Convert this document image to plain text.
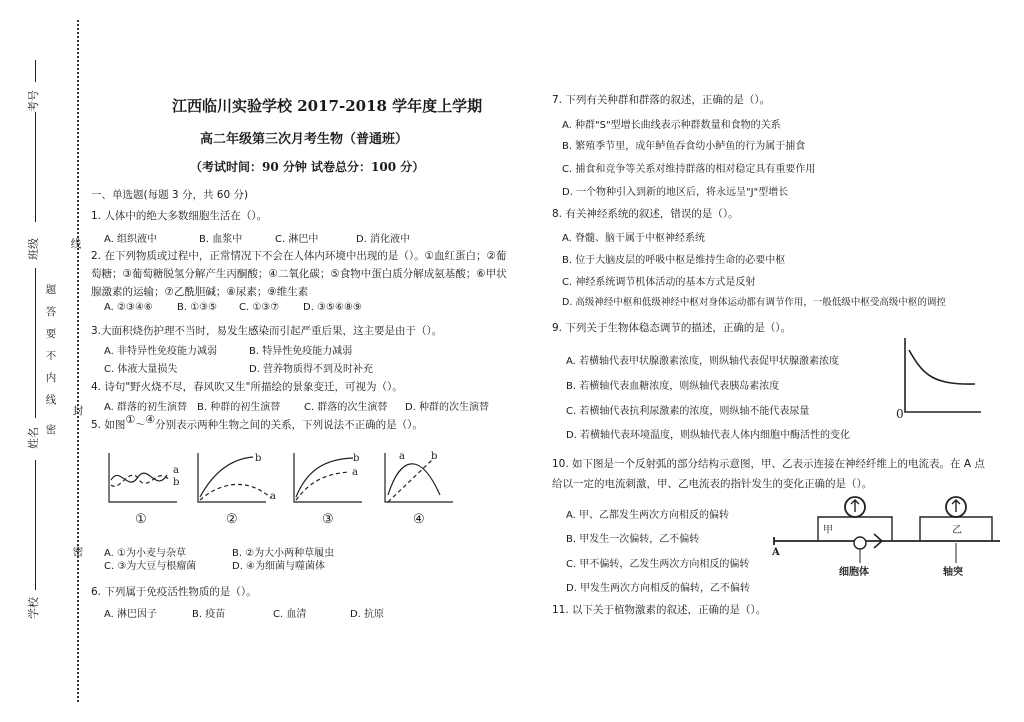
考号
班级
姓名
学校
线
题
答
要
不
内
线
封
密
密
江西临川实验学校 2017-2018 学年度上学期
高二年级第三次月考生物（普通班）
（考试时间：90 分钟 试卷总分：100 分）
一、单选题(每题 3 分，共 60 分)
1. 人体中的绝大多数细胞生活在（）。
A. 组织液中	B. 血浆中	C. 淋巴中	D. 消化液中
2. 在下列物质或过程中，正常情况下不会在人体内环境中出现的是（）。①血红蛋白；②葡
萄糖；③葡萄糖脱氢分解产生丙酮酸；④二氧化碳；⑤食物中蛋白质分解成氨基酸；⑥甲状
腺激素的运输；⑦乙酰胆碱；⑧尿素；⑨维生素
A. ②③④⑥ B. ①③⑤ C. ①③⑦ D. ③⑤⑥⑧⑨
3.大面积烧伤护理不当时，易发生感染而引起严重后果，这主要是由于（）。
A. 非特异性免疫能力减弱	B. 特异性免疫能力减弱
C. 体液大量损失	D. 营养物质得不到及时补充
4. 诗句"野火烧不尽，春风吹又生"所描绘的景象变迁，可视为（）。
A. 群落的初生演替 B. 种群的初生演替 C. 群落的次生演替 D. 种群的次生演替
5. 如图①～④分别表示两种生物之间的关系，下列说法不正确的是（）。
a
b
b
a
b
a
a	b
①	②	③	④
A. ①为小麦与杂草	B. ②为大小两种草履虫
C. ③为大豆与根瘤菌	D. ④为细菌与噬菌体
6. 下列属于免疫活性物质的是（）。
A. 淋巴因子	B. 疫苗	C. 血清	D. 抗原
7. 下列有关种群和群落的叙述，正确的是（）。
A. 种群"S"型增长曲线表示种群数量和食物的关系
B. 繁殖季节里，成年鲈鱼吞食幼小鲈鱼的行为属于捕食
C. 捕食和竞争等关系对维持群落的相对稳定具有重要作用
D. 一个物种引入到新的地区后，将永远呈"J"型增长
8. 有关神经系统的叙述，错误的是（）。
A. 脊髓、脑干属于中枢神经系统
B. 位于大脑皮层的呼吸中枢是维持生命的必要中枢
C. 神经系统调节机体活动的基本方式是反射
D. 高级神经中枢和低级神经中枢对身体运动都有调节作用，一般低级中枢受高级中枢的调控
9. 下列关于生物体稳态调节的描述，正确的是（）。
A. 若横轴代表甲状腺激素浓度，则纵轴代表促甲状腺激素浓度
B. 若横轴代表血糖浓度，则纵轴代表胰岛素浓度
C. 若横轴代表抗利尿激素的浓度，则纵轴不能代表尿量
D. 若横轴代表环境温度，则纵轴代表人体内细胞中酶活性的变化
0
10. 如下图是一个反射弧的部分结构示意图，甲、乙表示连接在神经纤维上的电流表。在 A 点
给以一定的电流刺激，甲、乙电流表的指针发生的变化正确的是（）。
A. 甲、乙都发生两次方向相反的偏转
B. 甲发生一次偏转，乙不偏转
C. 甲不偏转，乙发生两次方向相反的偏转
D. 甲发生两次方向相反的偏转，乙不偏转
A
甲	乙
细胞体	轴突
11. 以下关于植物激素的叙述，正确的是（）。
